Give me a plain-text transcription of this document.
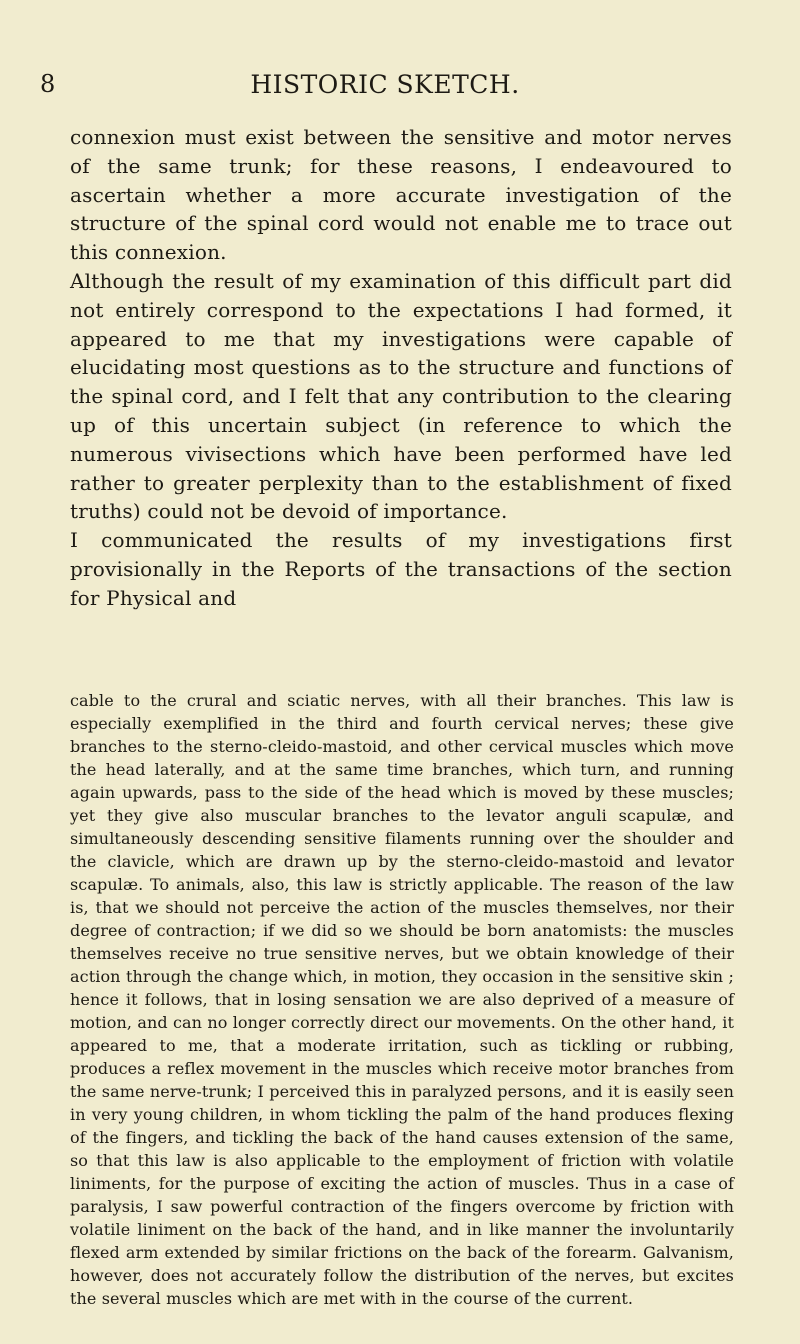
8	HISTORIC SKETCH.

connexion must exist between the sensitive and motor nerves of the same trunk; for these reasons, I endeavoured to ascertain whether a more accurate investigation of the structure of the spinal cord would not enable me to trace out this connexion.

Although the result of my examination of this difficult part did not entirely correspond to the expectations I had formed, it appeared to me that my investigations were capable of elucidating most questions as to the structure and functions of the spinal cord, and I felt that any contribution to the clearing up of this uncertain subject (in reference to which the numerous vivisections which have been performed have led rather to greater perplexity than to the establishment of fixed truths) could not be devoid of importance.

I communicated the results of my investigations first provisionally in the Reports of the transactions of the section for Physical and

cable to the crural and sciatic nerves, with all their branches. This law is especially exemplified in the third and fourth cervical nerves; these give branches to the sterno-cleido-mastoid, and other cervical muscles which move the head laterally, and at the same time branches, which turn, and running again upwards, pass to the side of the head which is moved by these muscles; yet they give also muscular branches to the levator anguli scapulæ, and simultaneously descending sensitive filaments running over the shoulder and the clavicle, which are drawn up by the sterno-cleido-mastoid and levator scapulæ. To animals, also, this law is strictly applicable. The reason of the law is, that we should not perceive the action of the muscles themselves, nor their degree of contraction; if we did so we should be born anatomists: the muscles themselves receive no true sensitive nerves, but we obtain knowledge of their action through the change which, in motion, they occasion in the sensitive skin ; hence it follows, that in losing sensation we are also deprived of a measure of motion, and can no longer correctly direct our movements. On the other hand, it appeared to me, that a moderate irritation, such as tickling or rubbing, produces a reflex movement in the muscles which receive motor branches from the same nerve-trunk; I perceived this in paralyzed persons, and it is easily seen in very young children, in whom tickling the palm of the hand produces flexing of the fingers, and tickling the back of the hand causes extension of the same, so that this law is also applicable to the employment of friction with volatile liniments, for the purpose of exciting the action of muscles. Thus in a case of paralysis, I saw powerful contraction of the fingers overcome by friction with volatile liniment on the back of the hand, and in like manner the involuntarily flexed arm extended by similar frictions on the back of the forearm. Galvanism, however, does not accurately follow the distribution of the nerves, but excites the several muscles which are met with in the course of the current.
